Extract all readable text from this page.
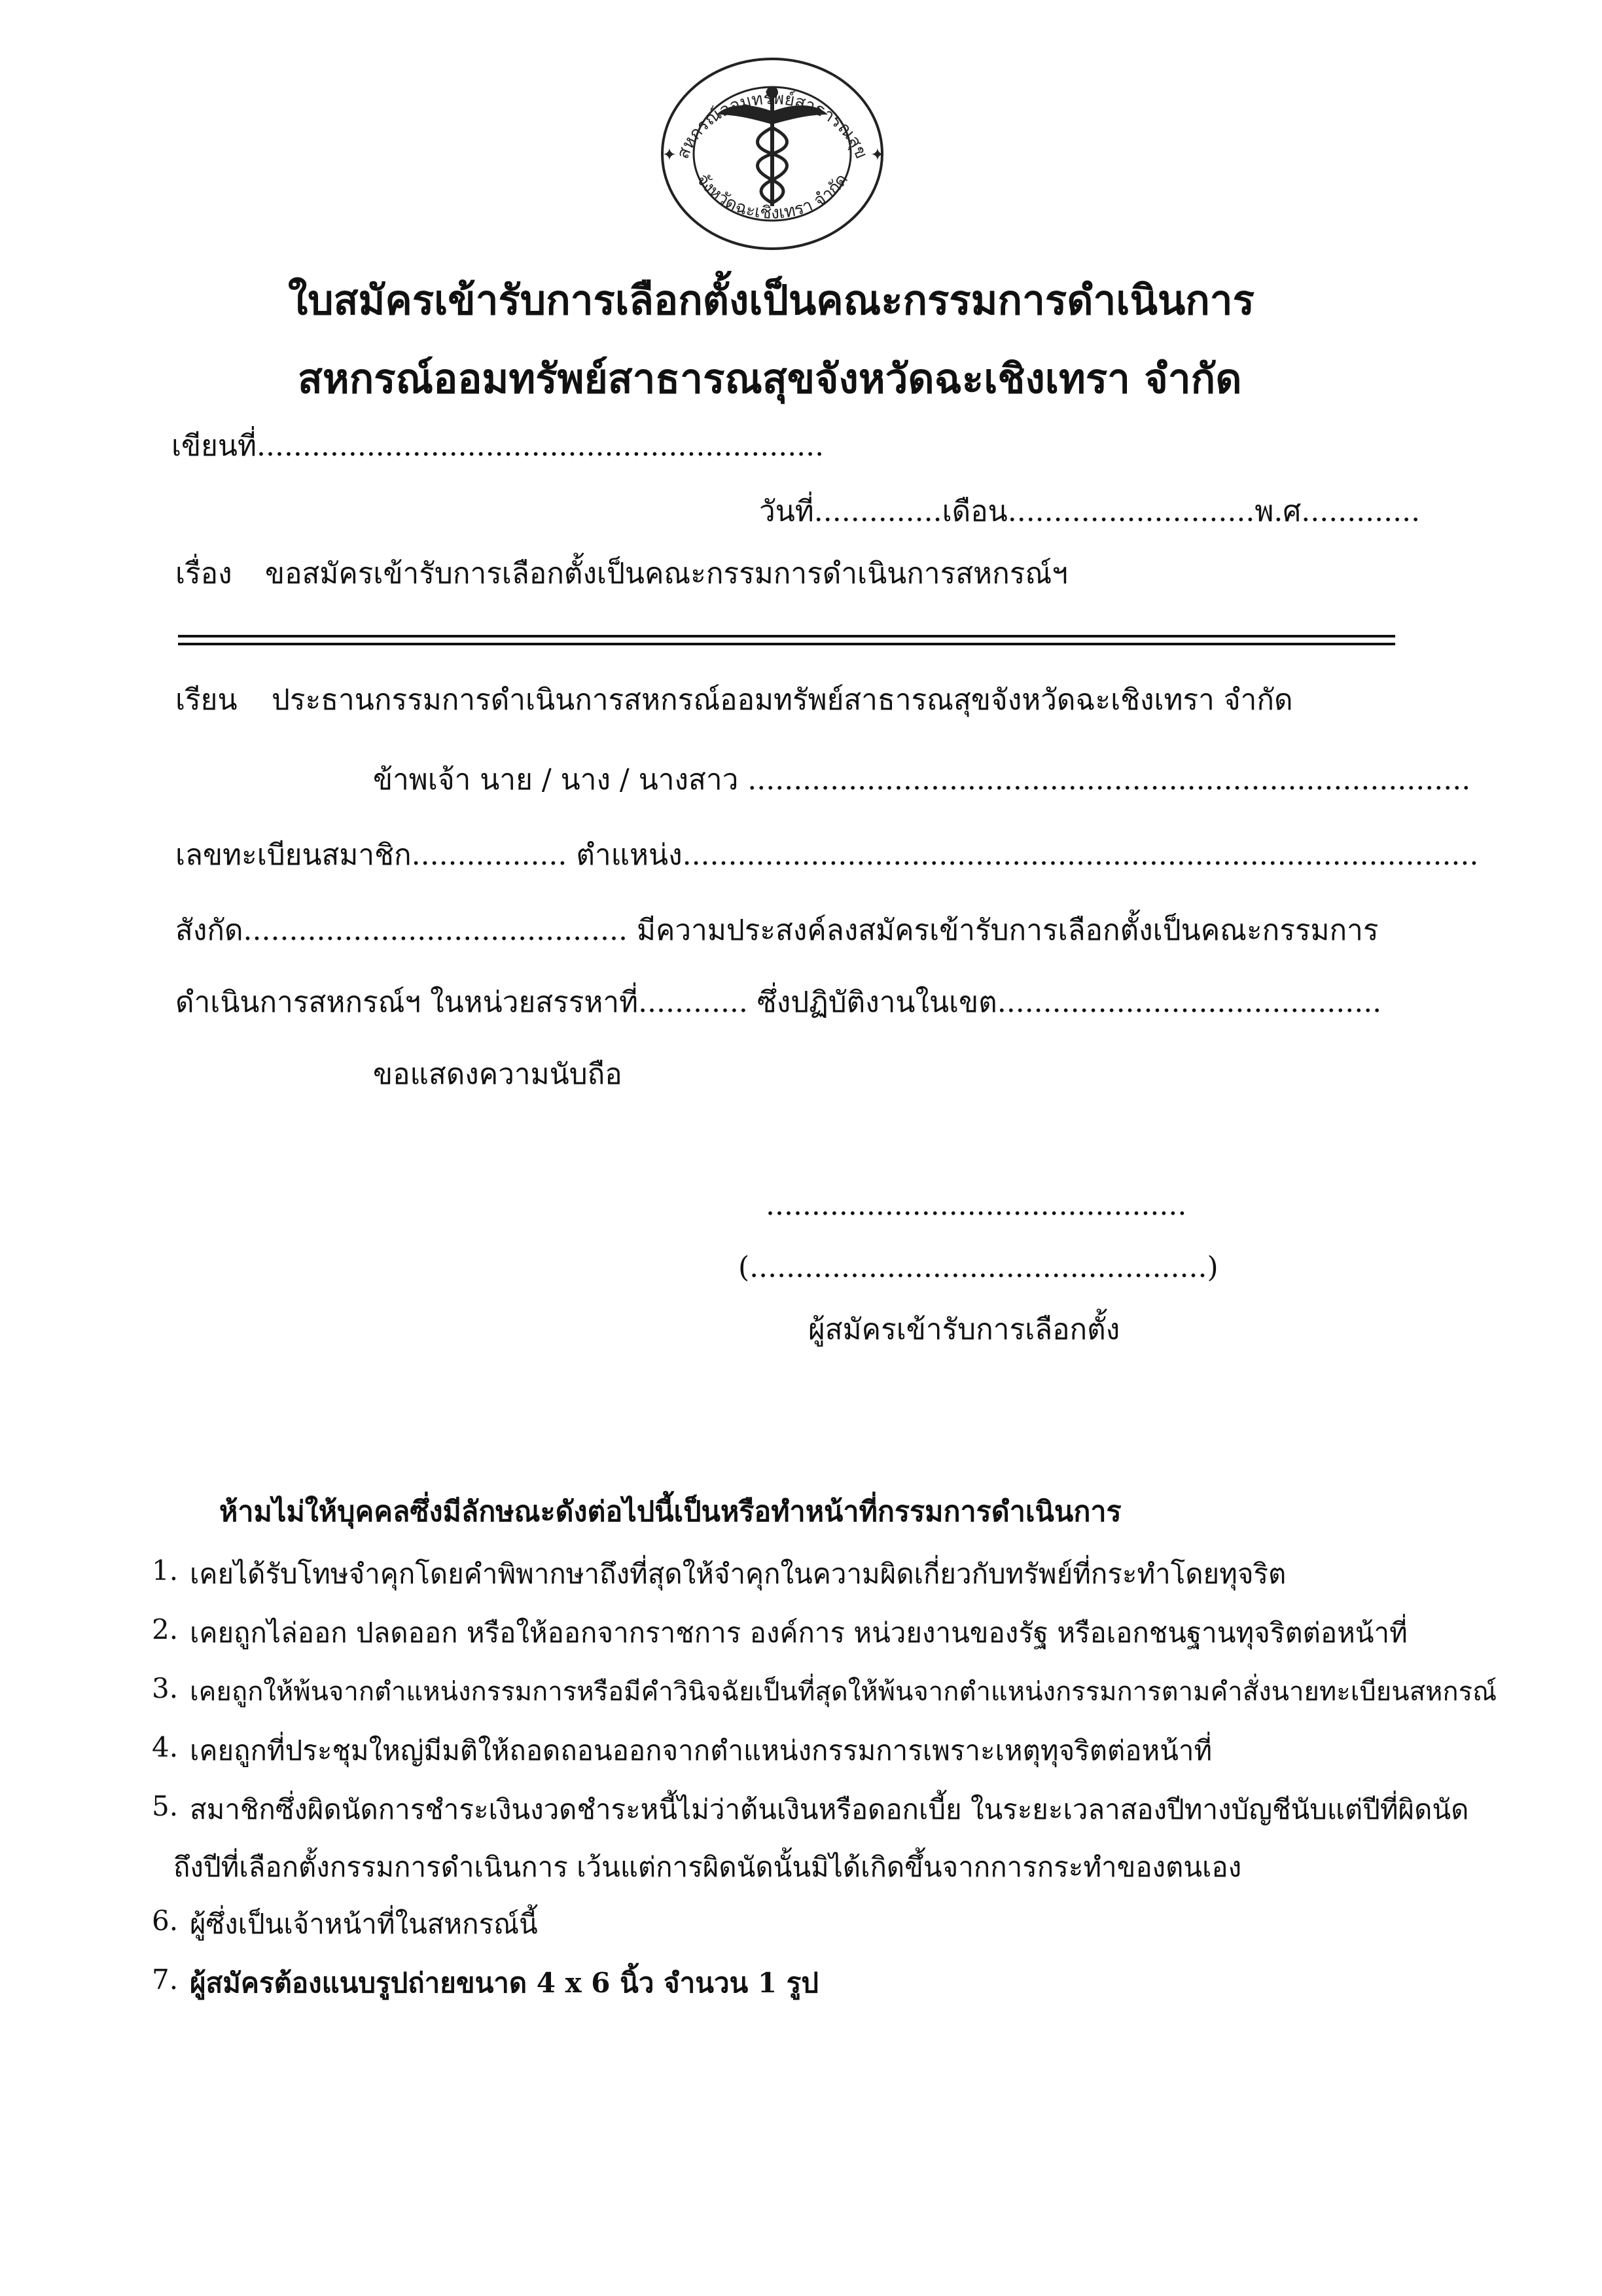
✦	✦
สหกรณ์ออมทรัพย์สาธารณสุข
จังหวัดฉะเชิงเทรา จำกัด
ใบสมัครเข้ารับการเลือกตั้งเป็นคณะกรรมการดำเนินการ
สหกรณ์ออมทรัพย์สาธารณสุขจังหวัดฉะเชิงเทรา จำกัด
เขียนที่..............................................................
วันที่..............เดือน...........................พ.ศ.............
เรื่อง ขอสมัครเข้ารับการเลือกตั้งเป็นคณะกรรมการดำเนินการสหกรณ์ฯ
เรียน ประธานกรรมการดำเนินการสหกรณ์ออมทรัพย์สาธารณสุขจังหวัดฉะเชิงเทรา จำกัด
ข้าพเจ้า นาย / นาง / นางสาว ...............................................................................
เลขทะเบียนสมาชิก................. ตำแหน่ง.......................................................................................
สังกัด.......................................... มีความประสงค์ลงสมัครเข้ารับการเลือกตั้งเป็นคณะกรรมการ
ดำเนินการสหกรณ์ฯ ในหน่วยสรรหาที่............ ซึ่งปฏิบัติงานในเขต..........................................
ขอแสดงความนับถือ
..............................................
(..................................................)
ผู้สมัครเข้ารับการเลือกตั้ง
ห้ามไม่ให้บุคคลซึ่งมีลักษณะดังต่อไปนี้เป็นหรือทำหน้าที่กรรมการดำเนินการ
1. เคยได้รับโทษจำคุกโดยคำพิพากษาถึงที่สุดให้จำคุกในความผิดเกี่ยวกับทรัพย์ที่กระทำโดยทุจริต
2. เคยถูกไล่ออก ปลดออก หรือให้ออกจากราชการ องค์การ หน่วยงานของรัฐ หรือเอกชนฐานทุจริตต่อหน้าที่
3. เคยถูกให้พ้นจากตำแหน่งกรรมการหรือมีคำวินิจฉัยเป็นที่สุดให้พ้นจากตำแหน่งกรรมการตามคำสั่งนายทะเบียนสหกรณ์
4. เคยถูกที่ประชุมใหญ่มีมติให้ถอดถอนออกจากตำแหน่งกรรมการเพราะเหตุทุจริตต่อหน้าที่
5. สมาชิกซึ่งผิดนัดการชำระเงินงวดชำระหนี้ไม่ว่าต้นเงินหรือดอกเบี้ย ในระยะเวลาสองปีทางบัญชีนับแต่ปีที่ผิดนัด
ถึงปีที่เลือกตั้งกรรมการดำเนินการ เว้นแต่การผิดนัดนั้นมิได้เกิดขึ้นจากการกระทำของตนเอง
6. ผู้ซึ่งเป็นเจ้าหน้าที่ในสหกรณ์นี้
7. ผู้สมัครต้องแนบรูปถ่ายขนาด 4 x 6 นิ้ว จำนวน 1 รูป
